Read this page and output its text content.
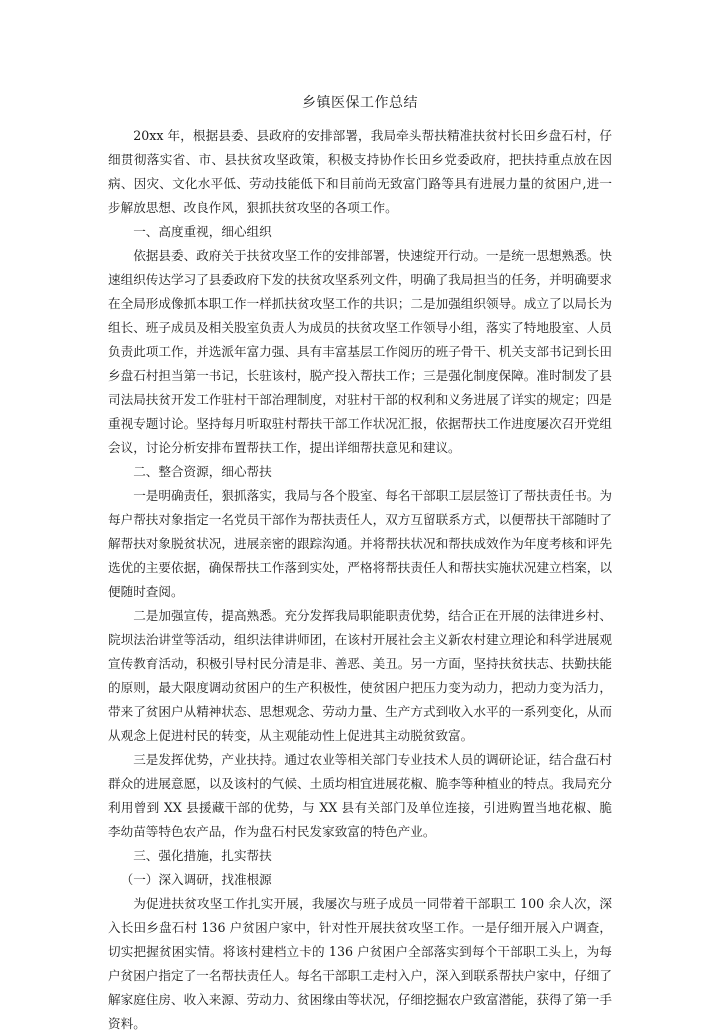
乡镇医保工作总结

20xx 年，根据县委、县政府的安排部署，我局牵头帮扶精准扶贫村长田乡盘石村，仔细贯彻落实省、市、县扶贫攻坚政策，积极支持协作长田乡党委政府，把扶持重点放在因病、因灾、文化水平低、劳动技能低下和目前尚无致富门路等具有进展力量的贫困户,进一步解放思想、改良作风，狠抓扶贫攻坚的各项工作。

一、高度重视，细心组织

依据县委、政府关于扶贫攻坚工作的安排部署，快速绽开行动。一是统一思想熟悉。快速组织传达学习了县委政府下发的扶贫攻坚系列文件，明确了我局担当的任务，并明确要求在全局形成像抓本职工作一样抓扶贫攻坚工作的共识；二是加强组织领导。成立了以局长为组长、班子成员及相关股室负责人为成员的扶贫攻坚工作领导小组，落实了特地股室、人员负责此项工作，并选派年富力强、具有丰富基层工作阅历的班子骨干、机关支部书记到长田乡盘石村担当第一书记，长驻该村，脱产投入帮扶工作；三是强化制度保障。准时制发了县司法局扶贫开发工作驻村干部治理制度，对驻村干部的权利和义务进展了详实的规定；四是重视专题讨论。坚持每月听取驻村帮扶干部工作状况汇报，依据帮扶工作进度屡次召开党组会议，讨论分析安排布置帮扶工作，提出详细帮扶意见和建议。

二、整合资源，细心帮扶

一是明确责任，狠抓落实，我局与各个股室、每名干部职工层层签订了帮扶责任书。为每户帮扶对象指定一名党员干部作为帮扶责任人，双方互留联系方式，以便帮扶干部随时了解帮扶对象脱贫状况，进展亲密的跟踪沟通。并将帮扶状况和帮扶成效作为年度考核和评先选优的主要依据，确保帮扶工作落到实处，严格将帮扶责任人和帮扶实施状况建立档案，以便随时查阅。

二是加强宣传，提高熟悉。充分发挥我局职能职责优势，结合正在开展的法律进乡村、院坝法治讲堂等活动，组织法律讲师团，在该村开展社会主义新农村建立理论和科学进展观宣传教育活动，积极引导村民分清是非、善恶、美丑。另一方面，坚持扶贫扶志、扶勤扶能的原则，最大限度调动贫困户的生产积极性，使贫困户把压力变为动力，把动力变为活力，带来了贫困户从精神状态、思想观念、劳动力量、生产方式到收入水平的一系列变化，从而从观念上促进村民的转变，从主观能动性上促进其主动脱贫致富。

三是发挥优势，产业扶持。通过农业等相关部门专业技术人员的调研论证，结合盘石村群众的进展意愿，以及该村的气候、土质均相宜进展花椒、脆李等种植业的特点。我局充分利用曾到 XX 县援藏干部的优势，与 XX 县有关部门及单位连接，引进购置当地花椒、脆李幼苗等特色农产品，作为盘石村民发家致富的特色产业。

三、强化措施，扎实帮扶

（一）深入调研，找准根源

为促进扶贫攻坚工作扎实开展，我屡次与班子成员一同带着干部职工 100 余人次，深入长田乡盘石村 136 户贫困户家中，针对性开展扶贫攻坚工作。一是仔细开展入户调查，切实把握贫困实情。将该村建档立卡的 136 户贫困户全部落实到每个干部职工头上，为每户贫困户指定了一名帮扶责任人。每名干部职工走村入户，深入到联系帮扶户家中，仔细了解家庭住房、收入来源、劳动力、贫困缘由等状况，仔细挖掘农户致富潜能，获得了第一手资料。
